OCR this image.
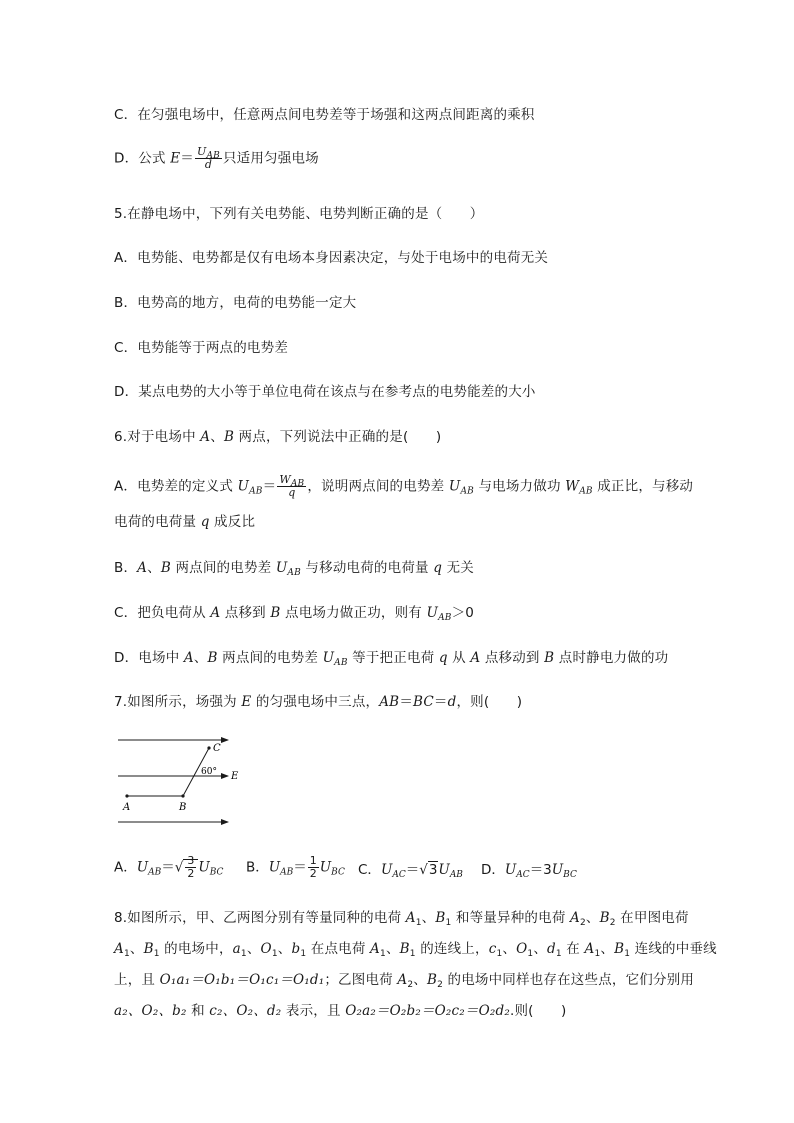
C．在匀强电场中，任意两点间电势差等于场强和这两点间距离的乘积
D．公式 $E= \frac{U_{AB}}{d}$ 只适用匀强电场
5.在静电场中，下列有关电势能、电势判断正确的是（　　）
A．电势能、电势都是仅有电场本身因素决定，与处于电场中的电荷无关
B．电势高的地方，电荷的电势能一定大
C．电势能等于两点的电势差
D．某点电势的大小等于单位电荷在该点与在参考点的电势能差的大小
6.对于电场中 A、B 两点，下列说法中正确的是(　　)
A．电势差的定义式 $U_{AB}= \frac{W_{AB}}{q}$ ，说明两点间的电势差 $U_{AB}$ 与电场力做功 $W_{AB}$ 成正比，与移动
电荷的电荷量 q 成反比
B．A、B 两点间的电势差 $U_{AB}$ 与移动电荷的电荷量 q 无关
C．把负电荷从 A 点移到 B 点电场力做正功，则有 $U_{AB}>0$
D．电场中 A、B 两点间的电势差 $U_{AB}$ 等于把正电荷 q 从 A 点移动到 B 点时静电力做的功
7.如图所示，场强为 E 的匀强电场中三点，AB＝BC＝d，则(　　)
C
60° E
A	B
A．$U_{AB}=√ \frac{3}{2} U_{BC}$ B．$U_{AB}= \frac{1}{2} U_{BC}$ C．$U_{AC}=√3U_{AB}$ D．$U_{AC}=3U_{BC}$
8.如图所示，甲、乙两图分别有等量同种的电荷 $A_1$、$B_1$ 和等量异种的电荷 $A_2$、$B_2$ 在甲图电荷
$A_1$、$B_1$ 的电场中，$a_1$、$O_1$、$b_1$ 在点电荷 $A_1$、$B_1$ 的连线上，$c_1$、$O_1$、$d_1$ 在 $A_1$、$B_1$ 连线的中垂线
上，且 O₁a₁＝O₁b₁＝O₁c₁＝O₁d₁；乙图电荷 $A_2$、$B_2$ 的电场中同样也存在这些点，它们分别用
a₂、O₂、b₂ 和 c₂、O₂、d₂ 表示，且 O₂a₂＝O₂b₂＝O₂c₂＝O₂d₂.则(　　)
